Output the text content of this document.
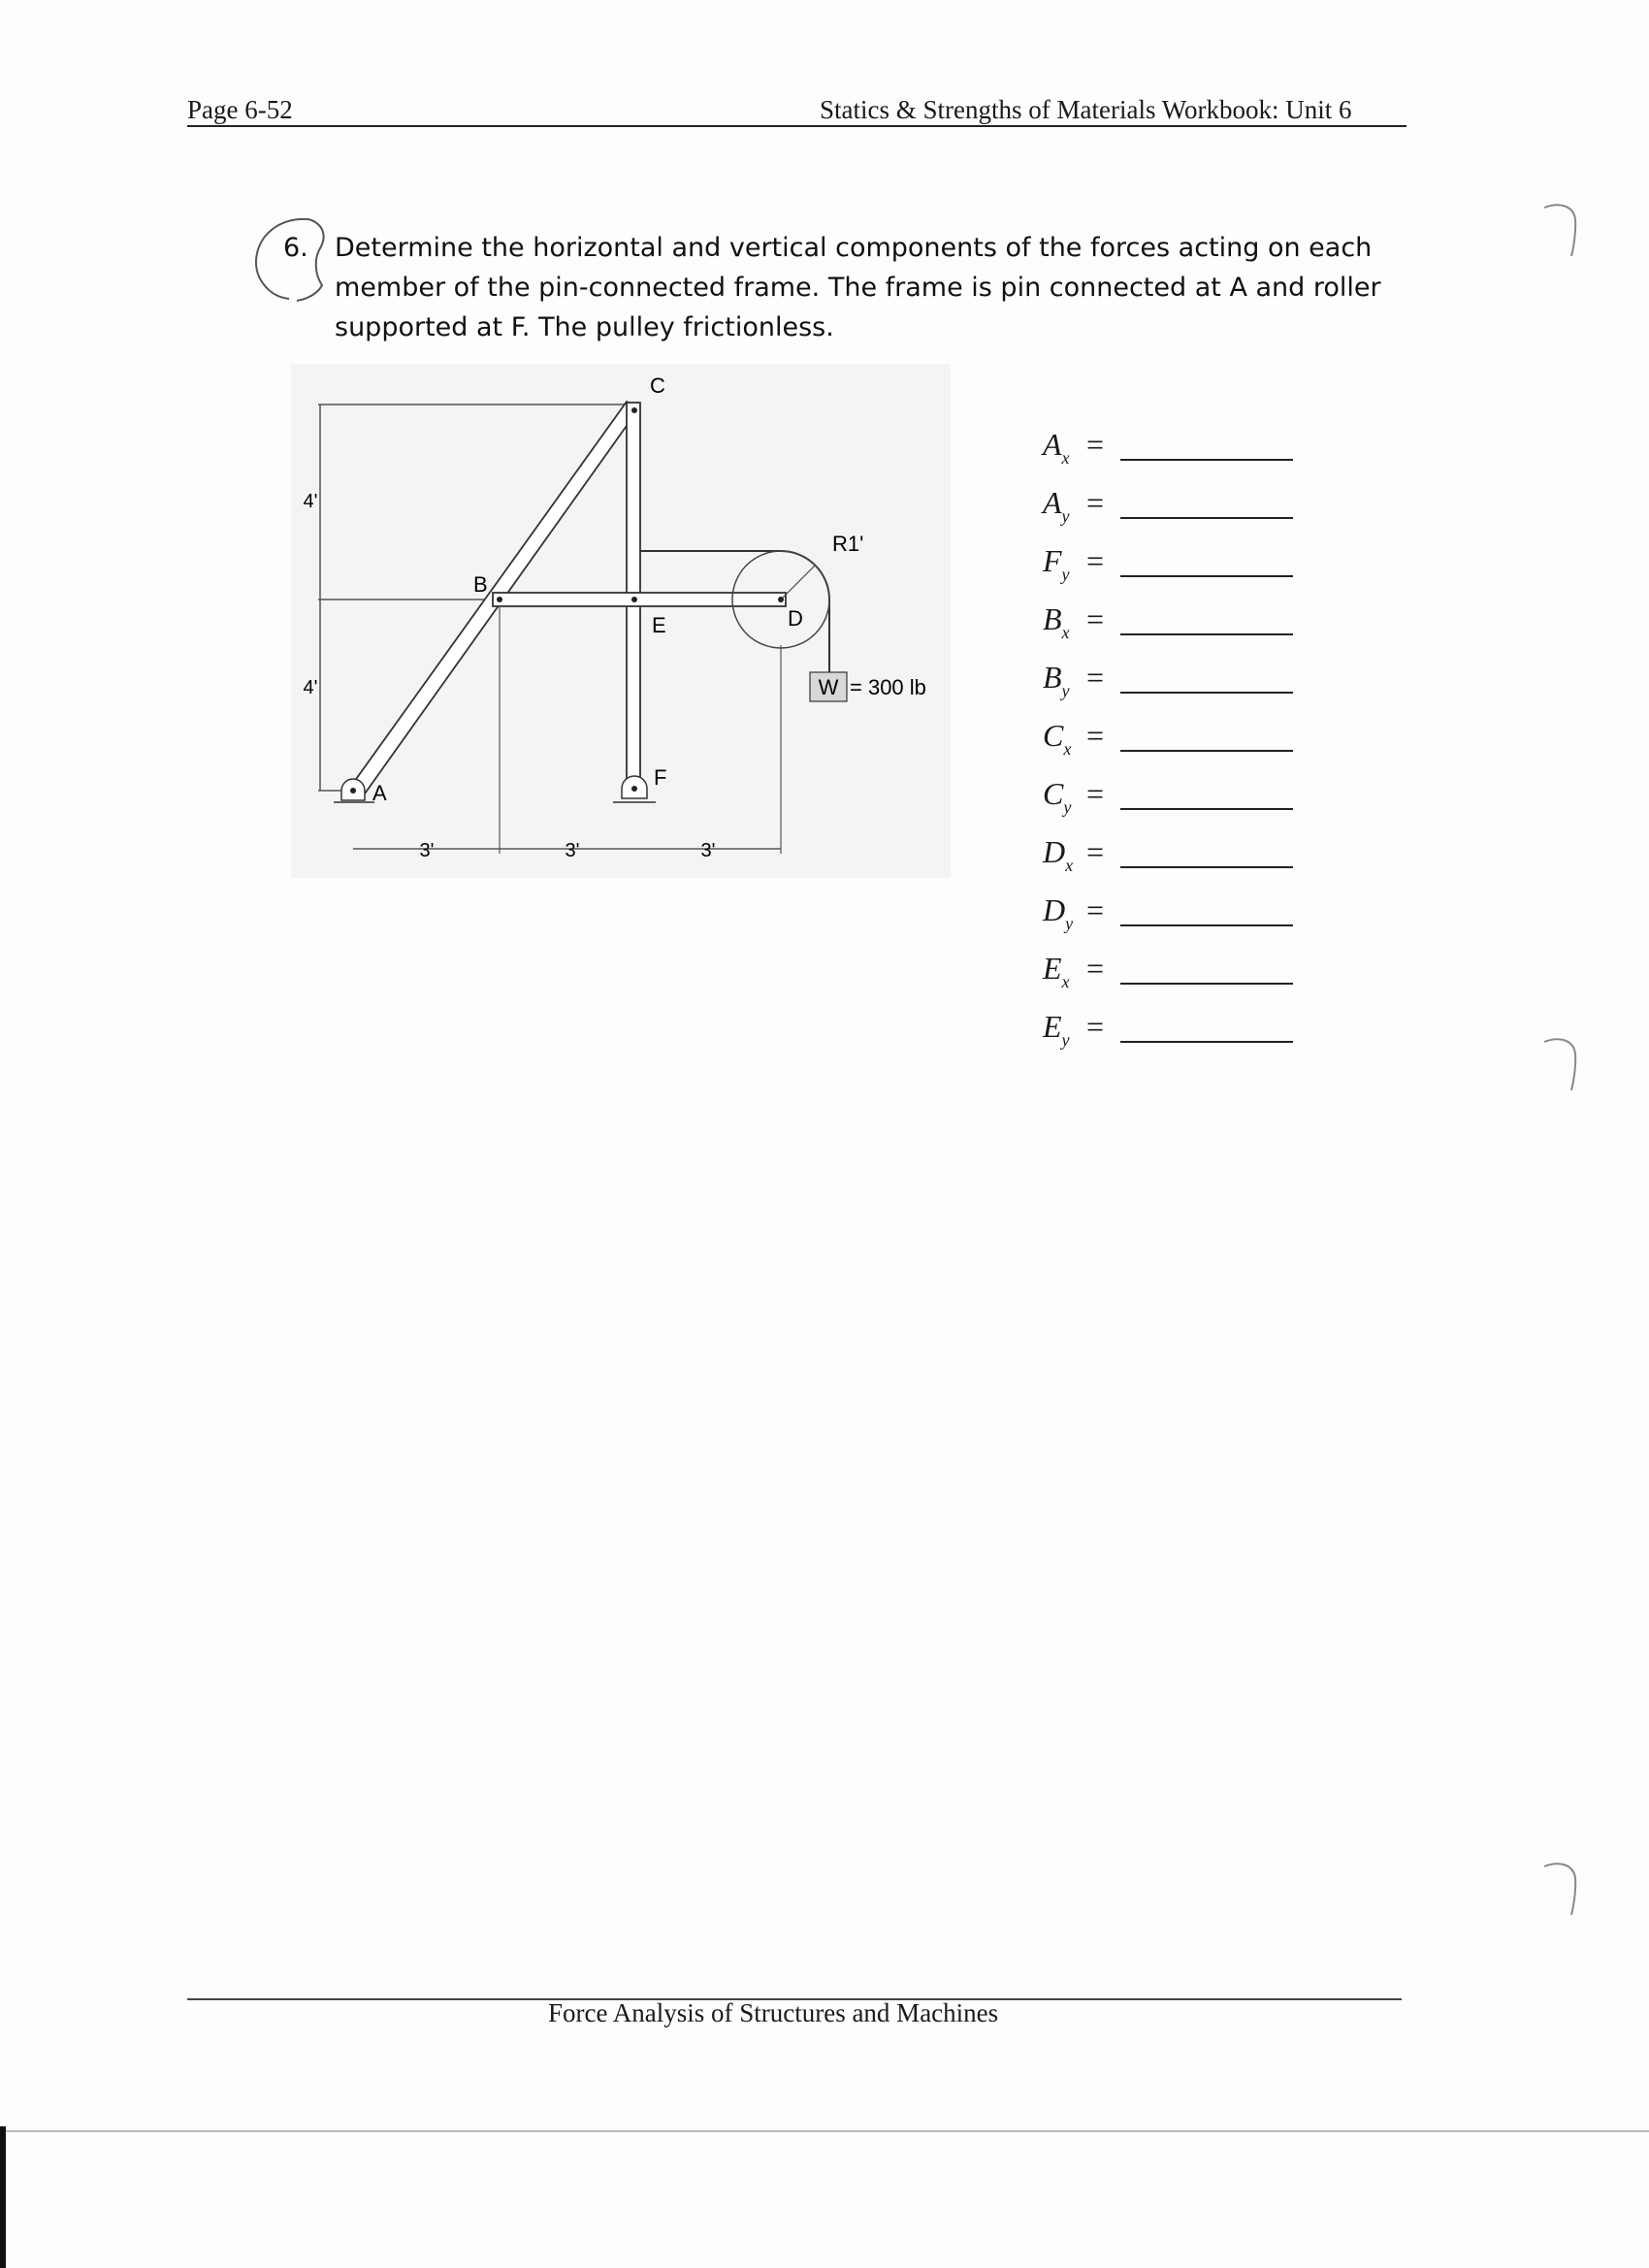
Page 6-52	Statics & Strengths of Materials Workbook: Unit 6
6. Determine the horizontal and vertical components of the forces acting on each
member of the pin-connected frame. The frame is pin connected at A and roller
supported at F. The pulley frictionless.
4'
4'	W = 300 lb
R1'
3'	3'	3'
C
B
E	D
A
F
$A_x$ =
$A_y$ =
$F_y$ =
$B_x$ =
$B_y$ =
$C_x$ =
$C_y$ =
$D_x$ =
$D_y$ =
$E_x$ =
$E_y$ =
Force Analysis of Structures and Machines
